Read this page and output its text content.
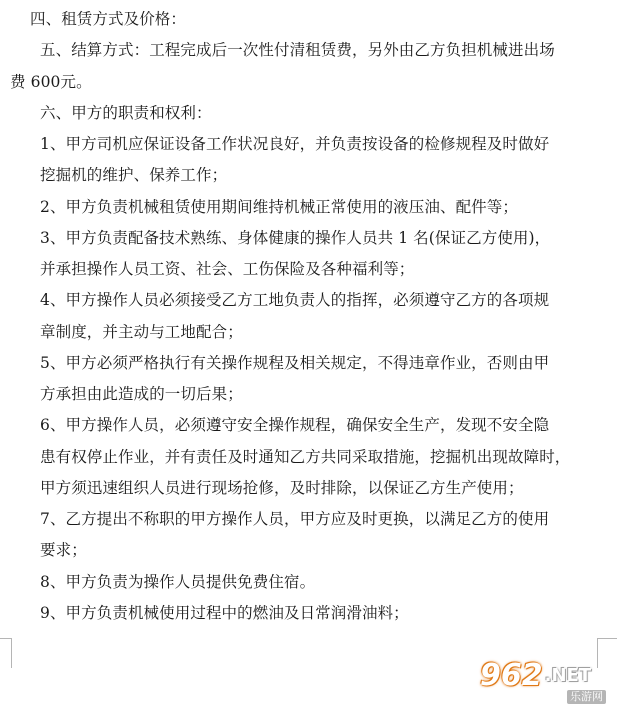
四、租赁方式及价格：

五、结算方式：工程完成后一次性付清租赁费，另外由乙方负担机械进出场

费 600元。

六、甲方的职责和权利：

1、甲方司机应保证设备工作状况良好，并负责按设备的检修规程及时做好

挖掘机的维护、保养工作；

2、甲方负责机械租赁使用期间维持机械正常使用的液压油、配件等；

3、甲方负责配备技术熟练、身体健康的操作人员共 1 名(保证乙方使用)，

并承担操作人员工资、社会、工伤保险及各种福利等；

4、甲方操作人员必须接受乙方工地负责人的指挥，必须遵守乙方的各项规

章制度，并主动与工地配合；

5、甲方必须严格执行有关操作规程及相关规定，不得违章作业，否则由甲

方承担由此造成的一切后果；

6、甲方操作人员，必须遵守安全操作规程，确保安全生产，发现不安全隐

患有权停止作业，并有责任及时通知乙方共同采取措施，挖掘机出现故障时，

甲方须迅速组织人员进行现场抢修，及时排除，以保证乙方生产使用；

7、乙方提出不称职的甲方操作人员，甲方应及时更换，以满足乙方的使用

要求；

8、甲方负责为操作人员提供免费住宿。

9、甲方负责机械使用过程中的燃油及日常润滑油料；

962 .NET
乐游网
